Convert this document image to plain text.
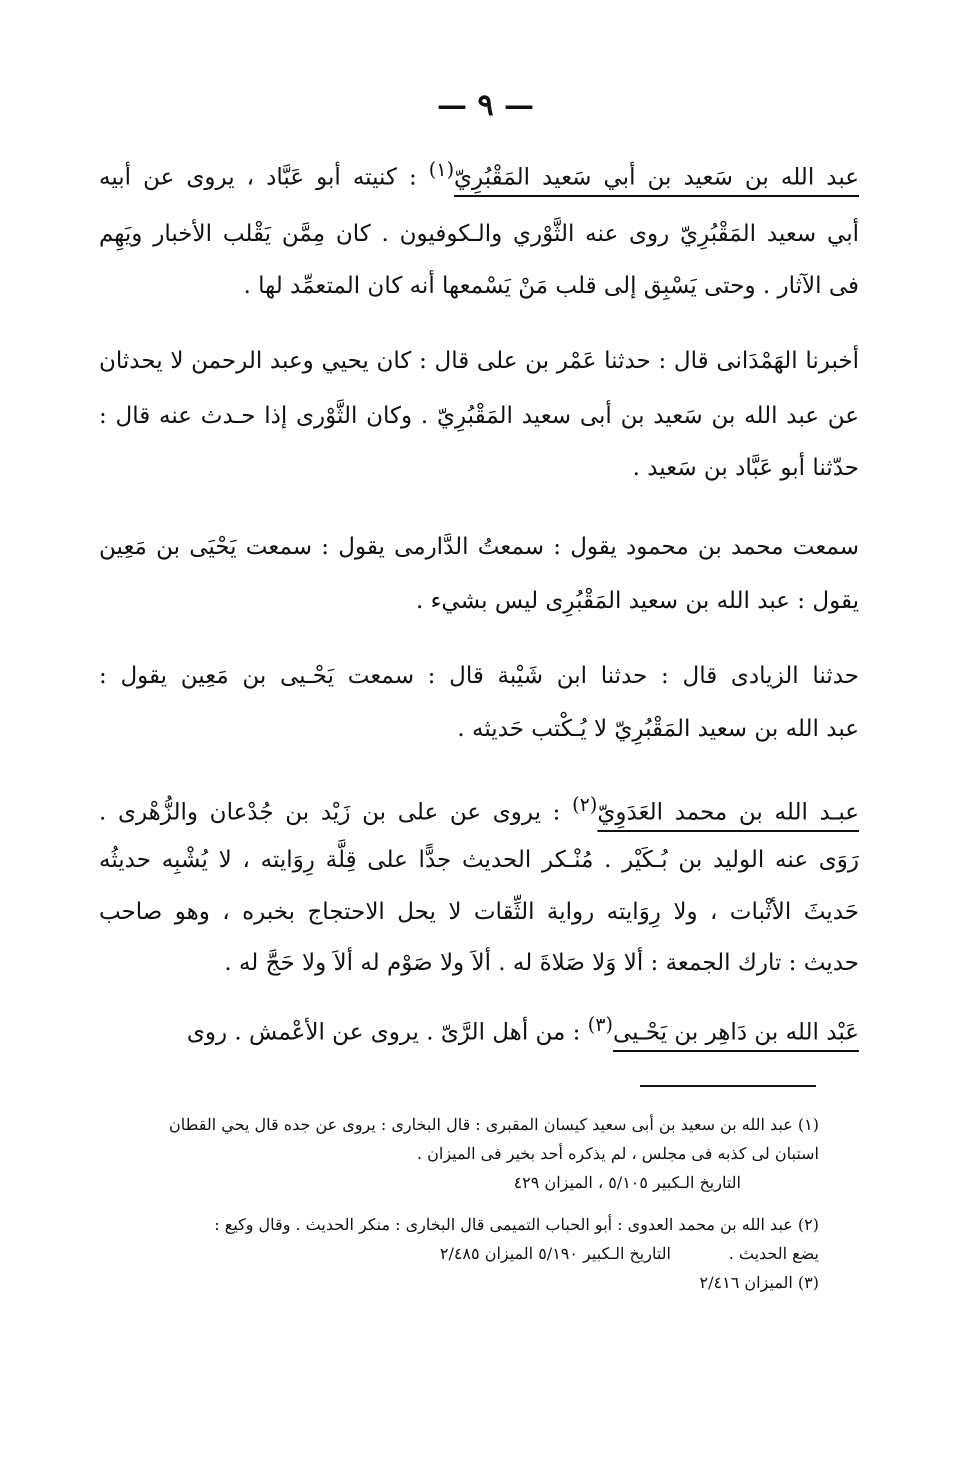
— ٩ —
عبد الله بن سَعيد بن أبي سَعيد المَقْبُرِيّ$^{(١)}$ : كنيته أبو عَبَّاد ، يروى عن أبيه
أبي سعيد المَقْبُرِيّ روى عنه الثَّوْري والـكوفيون . كان مِمَّن يَقْلب الأخبار ويَهِم
فى الآثار . وحتى يَسْبِق إلى قلب مَنْ يَسْمعها أنه كان المتعمِّد لها .
أخبرنا الهَمْدَانى قال : حدثنا عَمْر بن على قال : كان يحيي وعبد الرحمن لا يحدثان
عن عبد الله بن سَعيد بن أبى سعيد المَقْبُرِيّ . وكان الثَّوْرى إذا حـدث عنه قال :
حدّثنا أبو عَبَّاد بن سَعيد .
سمعت محمد بن محمود يقول : سمعتُ الدَّارمى يقول : سمعت يَحْيَى بن مَعِين
يقول : عبد الله بن سعيد المَقْبُرِى ليس بشيء .
حدثنا الزيادى قال : حدثنا ابن شَيْبة قال : سمعت يَحْـيى بن مَعِين يقول :
عبد الله بن سعيد المَقْبُرِيّ لا يُـكْتب حَديثه .
عبـد الله بن محمد العَدَوِيّ$^{(٢)}$ : يروى عن على بن زَيْد بن جُدْعان والزُّهْرى .
رَوَى عنه الوليد بن بُـكَيْر . مُنْـكر الحديث جدًّا على قِلَّة رِوَايته ، لا يُشْبِه حديثُه
حَديثَ الأثْبات ، ولا رِوَايته رواية الثِّقات لا يحل الاحتجاج بخبره ، وهو صاحب
حديث : تارك الجمعة : ألا وَلا صَلاةَ له . ألاَ ولا صَوْم له ألاَ ولا حَجَّ له .
عَبْد الله بن دَاهِر بن يَحْـيى$^{(٣)}$ : من أهل الرَّىّ . يروى عن الأعْمش . روى
(١) عبد الله بن سعيد بن أبى سعيد كيسان المقبرى : قال البخارى : يروى عن جده قال يحي القطان
استبان لى كذبه فى مجلس ، لم يذكره أحد بخير فى الميزان .
التاريخ الـكبير ٥/١٠٥ ، الميزان ٤٢٩
(٢) عبد الله بن محمد العدوى : أبو الحباب التميمى قال البخارى : منكر الحديث . وقال وكيع :
يضع الحديث .
التاريخ الـكبير ٥/١٩٠ الميزان ٢/٤٨٥
(٣) الميزان ٢/٤١٦
